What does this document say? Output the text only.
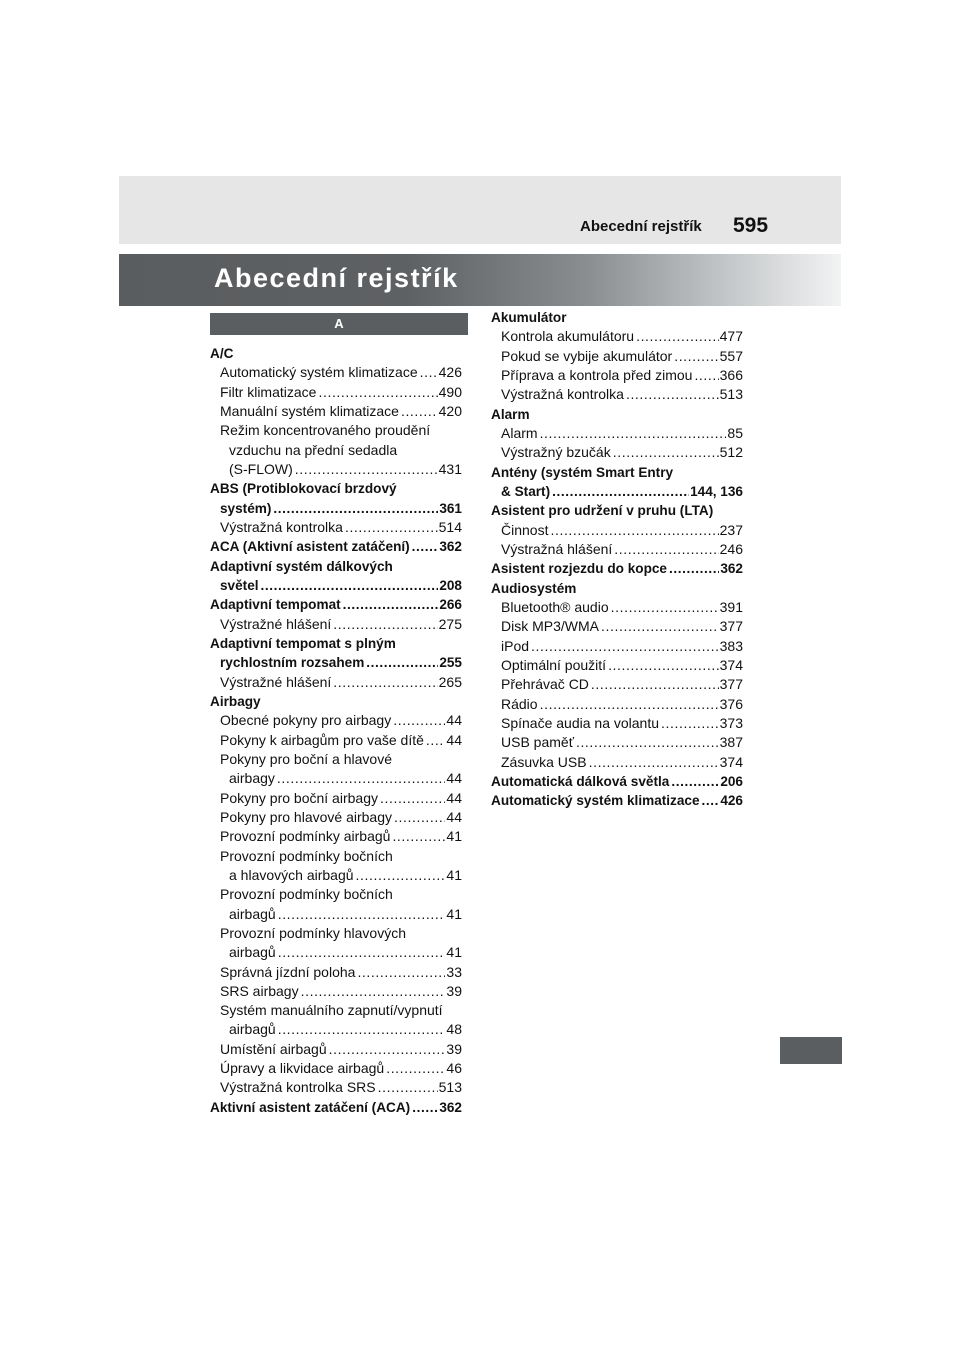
Abecední rejstřík 595
Abecední rejstřík
A
A/C
Automatický systém klimatizace ..... 426
Filtr klimatizace .....	490
Manuální systém klimatizace .....	420
Režim koncentrovaného proudění
vzduchu na přední sedadla
(S-FLOW) .....	431
ABS (Protiblokovací brzdový
systém) .....	361
Výstražná kontrolka .....	514
ACA (Aktivní asistent zatáčení) ..... 362
Adaptivní systém dálkových
světel .....	208
Adaptivní tempomat .....	266
Výstražné hlášení .....	275
Adaptivní tempomat s plným
rychlostním rozsahem .....	255
Výstražné hlášení .....	265
Airbagy
Obecné pokyny pro airbagy .....	44
Pokyny k airbagům pro vaše dítě ..... 44
Pokyny pro boční a hlavové
airbagy .....	44
Pokyny pro boční airbagy .....	44
Pokyny pro hlavové airbagy .....	44
Provozní podmínky airbagů .....	41
Provozní podmínky bočních
a hlavových airbagů .....	41
Provozní podmínky bočních
airbagů .....	41
Provozní podmínky hlavových
airbagů .....	41
Správná jízdní poloha .....	33
SRS airbagy .....	39
Systém manuálního zapnutí/vypnutí
airbagů .....	48
Umístění airbagů .....	39
Úpravy a likvidace airbagů .....	46
Výstražná kontrolka SRS .....	513
Aktivní asistent zatáčení (ACA) ..... 362
Akumulátor
Kontrola akumulátoru .....	477
Pokud se vybije akumulátor .....	557
Příprava a kontrola před zimou ..... 366
Výstražná kontrolka .....	513
Alarm
Alarm .....	85
Výstražný bzučák .....	512
Antény (systém Smart Entry
& Start) .....	144, 136
Asistent pro udržení v pruhu (LTA)
Činnost .....	237
Výstražná hlášení .....	246
Asistent rozjezdu do kopce .....	362
Audiosystém
Bluetooth® audio .....	391
Disk MP3/WMA .....	377
iPod .....	383
Optimální použití .....	374
Přehrávač CD .....	377
Rádio .....	376
Spínače audia na volantu .....	373
USB paměť .....	387
Zásuvka USB .....	374
Automatická dálková světla .....	206
Automatický systém klimatizace ..... 426
